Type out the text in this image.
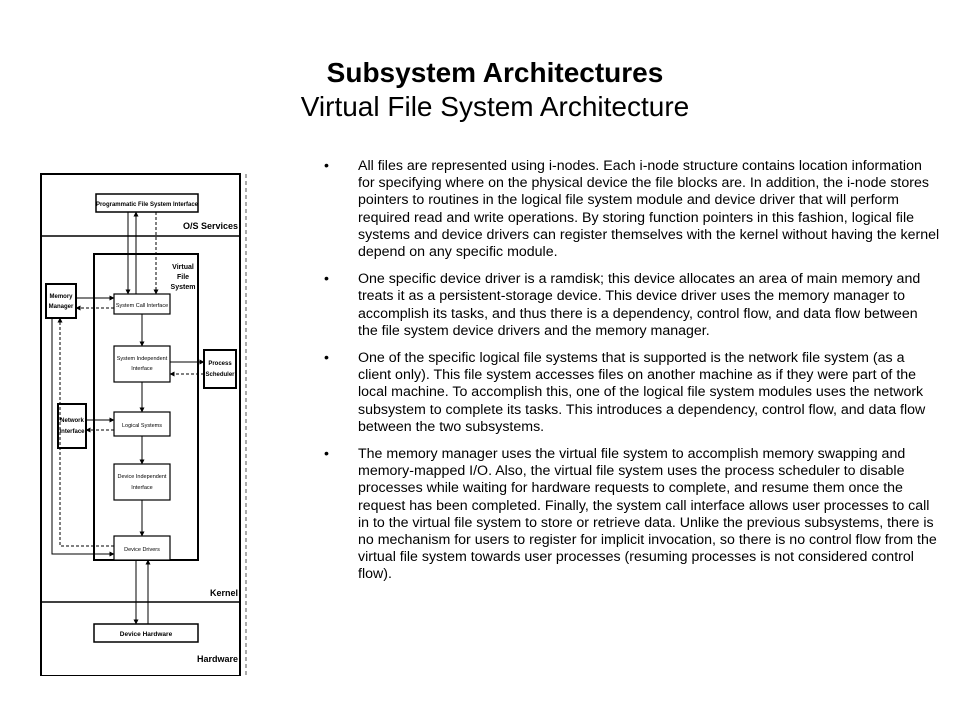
Subsystem Architectures
Virtual File System Architecture
Programmatic File System Interface
O/S Services
Virtual
File
System
System Call Interface
System Independent
Interface
Logical Systems
Device Independent
Interface
Device Drivers
Memory
Manager
Process
Scheduler
Network
Interface
Kernel
Device Hardware
Hardware
• All files are represented using i-nodes. Each i-node structure contains location information for specifying where on the physical device the file blocks are. In addition, the i-node stores pointers to routines in the logical file system module and device driver that will perform required read and write operations. By storing function pointers in this fashion, logical file systems and device drivers can register themselves with the kernel without having the kernel depend on any specific module.
• One specific device driver is a ramdisk; this device allocates an area of main memory and treats it as a persistent-storage device. This device driver uses the memory manager to accomplish its tasks, and thus there is a dependency, control flow, and data flow between the file system device drivers and the memory manager.
• One of the specific logical file systems that is supported is the network file system (as a client only). This file system accesses files on another machine as if they were part of the local machine. To accomplish this, one of the logical file system modules uses the network subsystem to complete its tasks. This introduces a dependency, control flow, and data flow between the two subsystems.
• The memory manager uses the virtual file system to accomplish memory swapping and memory-mapped I/O. Also, the virtual file system uses the process scheduler to disable processes while waiting for hardware requests to complete, and resume them once the request has been completed. Finally, the system call interface allows user processes to call in to the virtual file system to store or retrieve data. Unlike the previous subsystems, there is no mechanism for users to register for implicit invocation, so there is no control flow from the virtual file system towards user processes (resuming processes is not considered control flow).
